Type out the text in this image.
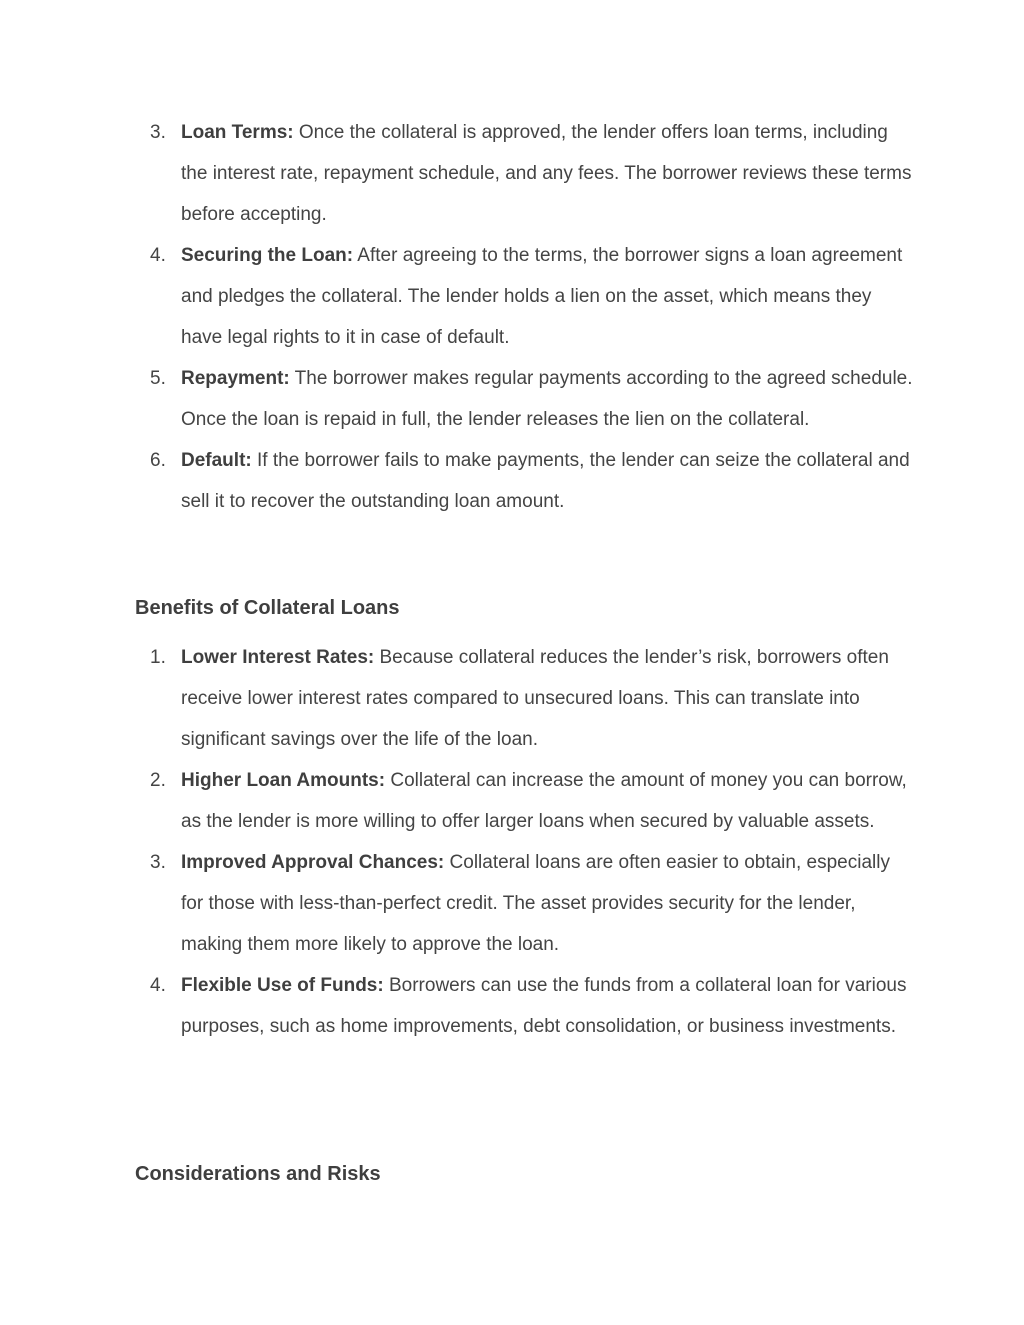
3. Loan Terms: Once the collateral is approved, the lender offers loan terms, including the interest rate, repayment schedule, and any fees. The borrower reviews these terms before accepting.
4. Securing the Loan: After agreeing to the terms, the borrower signs a loan agreement and pledges the collateral. The lender holds a lien on the asset, which means they have legal rights to it in case of default.
5. Repayment: The borrower makes regular payments according to the agreed schedule. Once the loan is repaid in full, the lender releases the lien on the collateral.
6. Default: If the borrower fails to make payments, the lender can seize the collateral and sell it to recover the outstanding loan amount.
Benefits of Collateral Loans
1. Lower Interest Rates: Because collateral reduces the lender’s risk, borrowers often receive lower interest rates compared to unsecured loans. This can translate into significant savings over the life of the loan.
2. Higher Loan Amounts: Collateral can increase the amount of money you can borrow, as the lender is more willing to offer larger loans when secured by valuable assets.
3. Improved Approval Chances: Collateral loans are often easier to obtain, especially for those with less-than-perfect credit. The asset provides security for the lender, making them more likely to approve the loan.
4. Flexible Use of Funds: Borrowers can use the funds from a collateral loan for various purposes, such as home improvements, debt consolidation, or business investments.
Considerations and Risks
